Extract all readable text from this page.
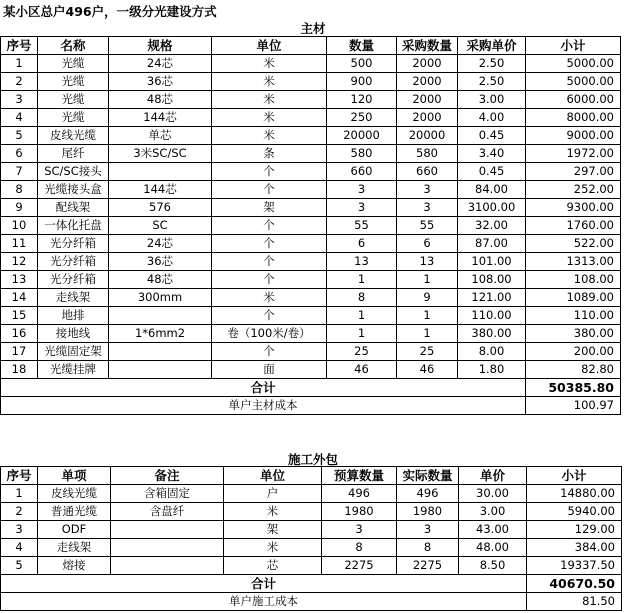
某小区总户496户，一级分光建设方式
主材
序号	名称	规格	单位	数量	采购数量	采购单价	小计
1	光缆	24芯	米	500	2000	2.50	5000.00
2	光缆	36芯	米	900	2000	2.50	5000.00
3	光缆	48芯	米	120	2000	3.00	6000.00
4	光缆	144芯	米	250	2000	4.00	8000.00
5	皮线光缆	单芯	米	20000	20000	0.45	9000.00
6	尾纤	3米SC/SC	条	580	580	3.40	1972.00
7	SC/SC接头		个	660	660	0.45	297.00
8	光缆接头盒	144芯	个	3	3	84.00	252.00
9	配线架	576	架	3	3	3100.00	9300.00
10	一体化托盘	SC	个	55	55	32.00	1760.00
11	光分纤箱	24芯	个	6	6	87.00	522.00
12	光分纤箱	36芯	个	13	13	101.00	1313.00
13	光分纤箱	48芯	个	1	1	108.00	108.00
14	走线架	300mm	米	8	9	121.00	1089.00
15	地排		个	1	1	110.00	110.00
16	接地线	1*6mm2	卷（100米/卷）	1	1	380.00	380.00
17	光缆固定架		个	25	25	8.00	200.00
18	光缆挂牌		面	46	46	1.80	82.80
合计							50385.80
单户主材成本							100.97
施工外包
序号	单项	备注	单位	预算数量	实际数量	单价	小计
1	皮线光缆	含箱固定	户	496	496	30.00	14880.00
2	普通光缆	含盘纤	米	1980	1980	3.00	5940.00
3	ODF		架	3	3	43.00	129.00
4	走线架		米	8	8	48.00	384.00
5	熔接		芯	2275	2275	8.50	19337.50
合计							40670.50
单户施工成本							81.50
